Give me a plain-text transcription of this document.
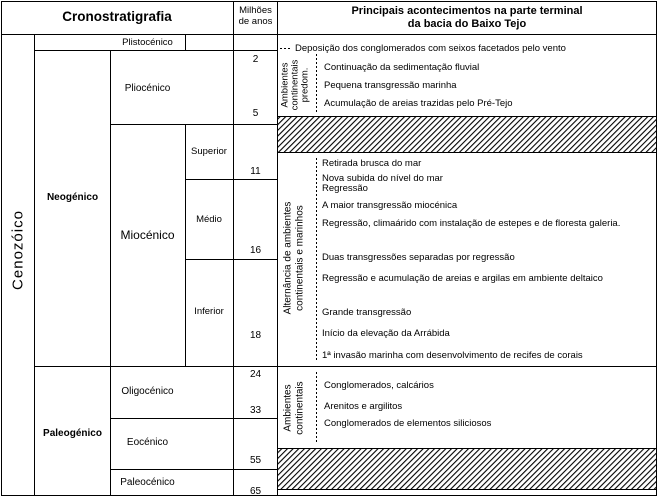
Cronostratigrafia	Milhões
de anos
Principais acontecimentos na parte terminal
da bacia do Baixo Tejo
Cenozóico
Neogénico
Paleogénico
Plistocénico
Pliocénico
Miocénico
Oligocénico
Eocénico
Paleocénico
Superior
Médio
Inferior
2
5
11
16
18
24
33
55
65
Ambientes continentais predom.
Alternância de ambientes continentais e marinhos
Ambientes continentais
Deposição dos conglomerados com seixos facetados pelo vento
Continuação da sedimentação fluvial
Pequena transgressão marinha
Acumulação de areias trazidas pelo Pré-Tejo
Retirada brusca do mar
Nova subida do nível do mar
Regressão
A maior transgressão miocénica
Regressão, climaárido com instalação de estepes e de floresta galeria.
Duas transgressões separadas por regressão
Regressão e acumulação de areias e argilas em ambiente deltaico
Grande transgressão
Início da elevação da Arrábida
1ª invasão marinha com desenvolvimento de recifes de corais
Conglomerados, calcários
Arenitos e argilitos
Conglomerados de elementos siliciosos
